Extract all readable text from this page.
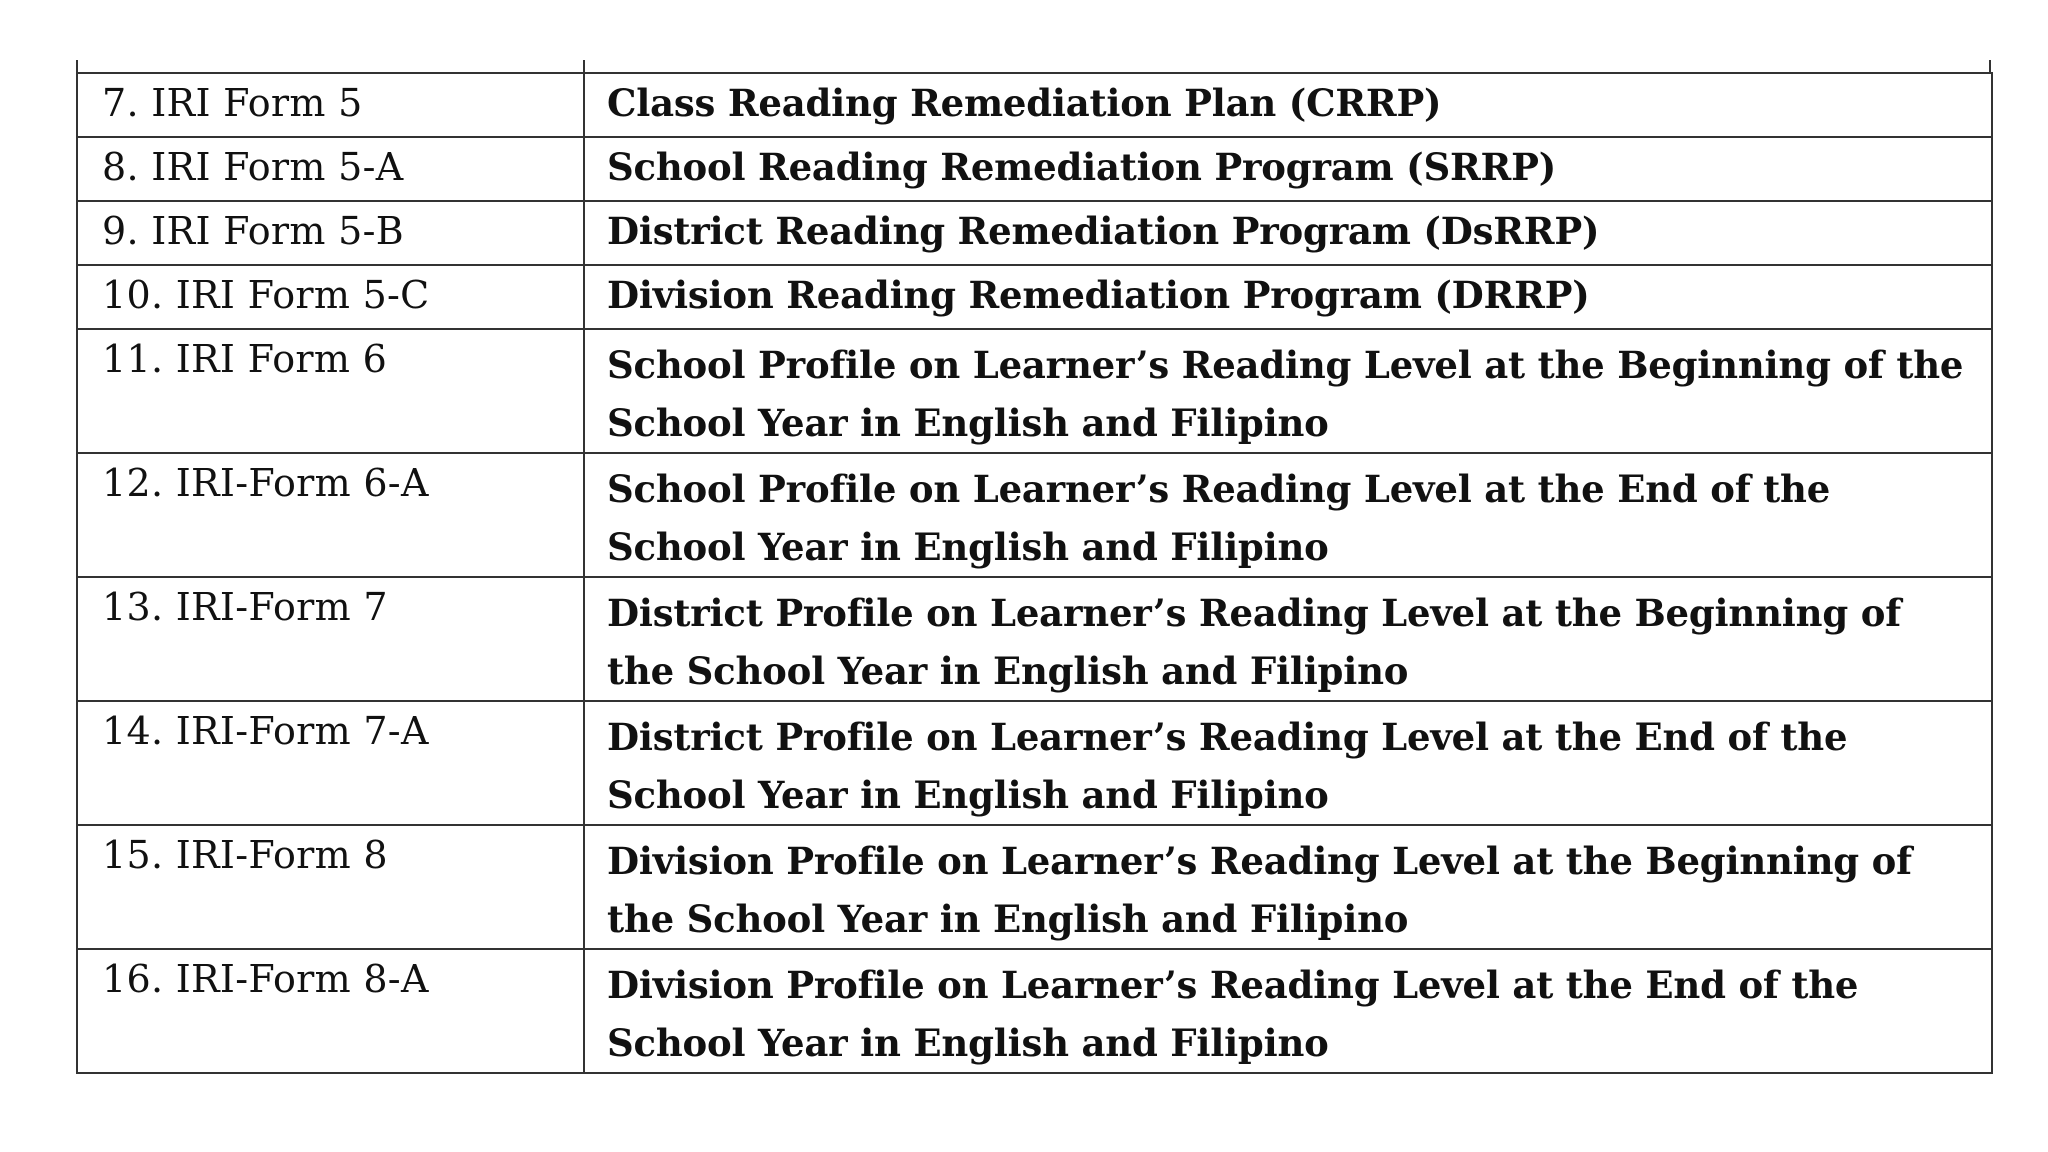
7. IRI Form 5	Class Reading Remediation Plan (CRRP)
8. IRI Form 5-A	School Reading Remediation Program (SRRP)
9. IRI Form 5-B	District Reading Remediation Program (DsRRP)
10. IRI Form 5-C	Division Reading Remediation Program (DRRP)
11. IRI Form 6	School Profile on Learner’s Reading Level at the Beginning of the School Year in English and Filipino
12. IRI-Form 6-A	School Profile on Learner’s Reading Level at the End of the School Year in English and Filipino
13. IRI-Form 7	District Profile on Learner’s Reading Level at the Beginning of the School Year in English and Filipino
14. IRI-Form 7-A	District Profile on Learner’s Reading Level at the End of the School Year in English and Filipino
15. IRI-Form 8	Division Profile on Learner’s Reading Level at the Beginning of the School Year in English and Filipino
16. IRI-Form 8-A	Division Profile on Learner’s Reading Level at the End of the School Year in English and Filipino
